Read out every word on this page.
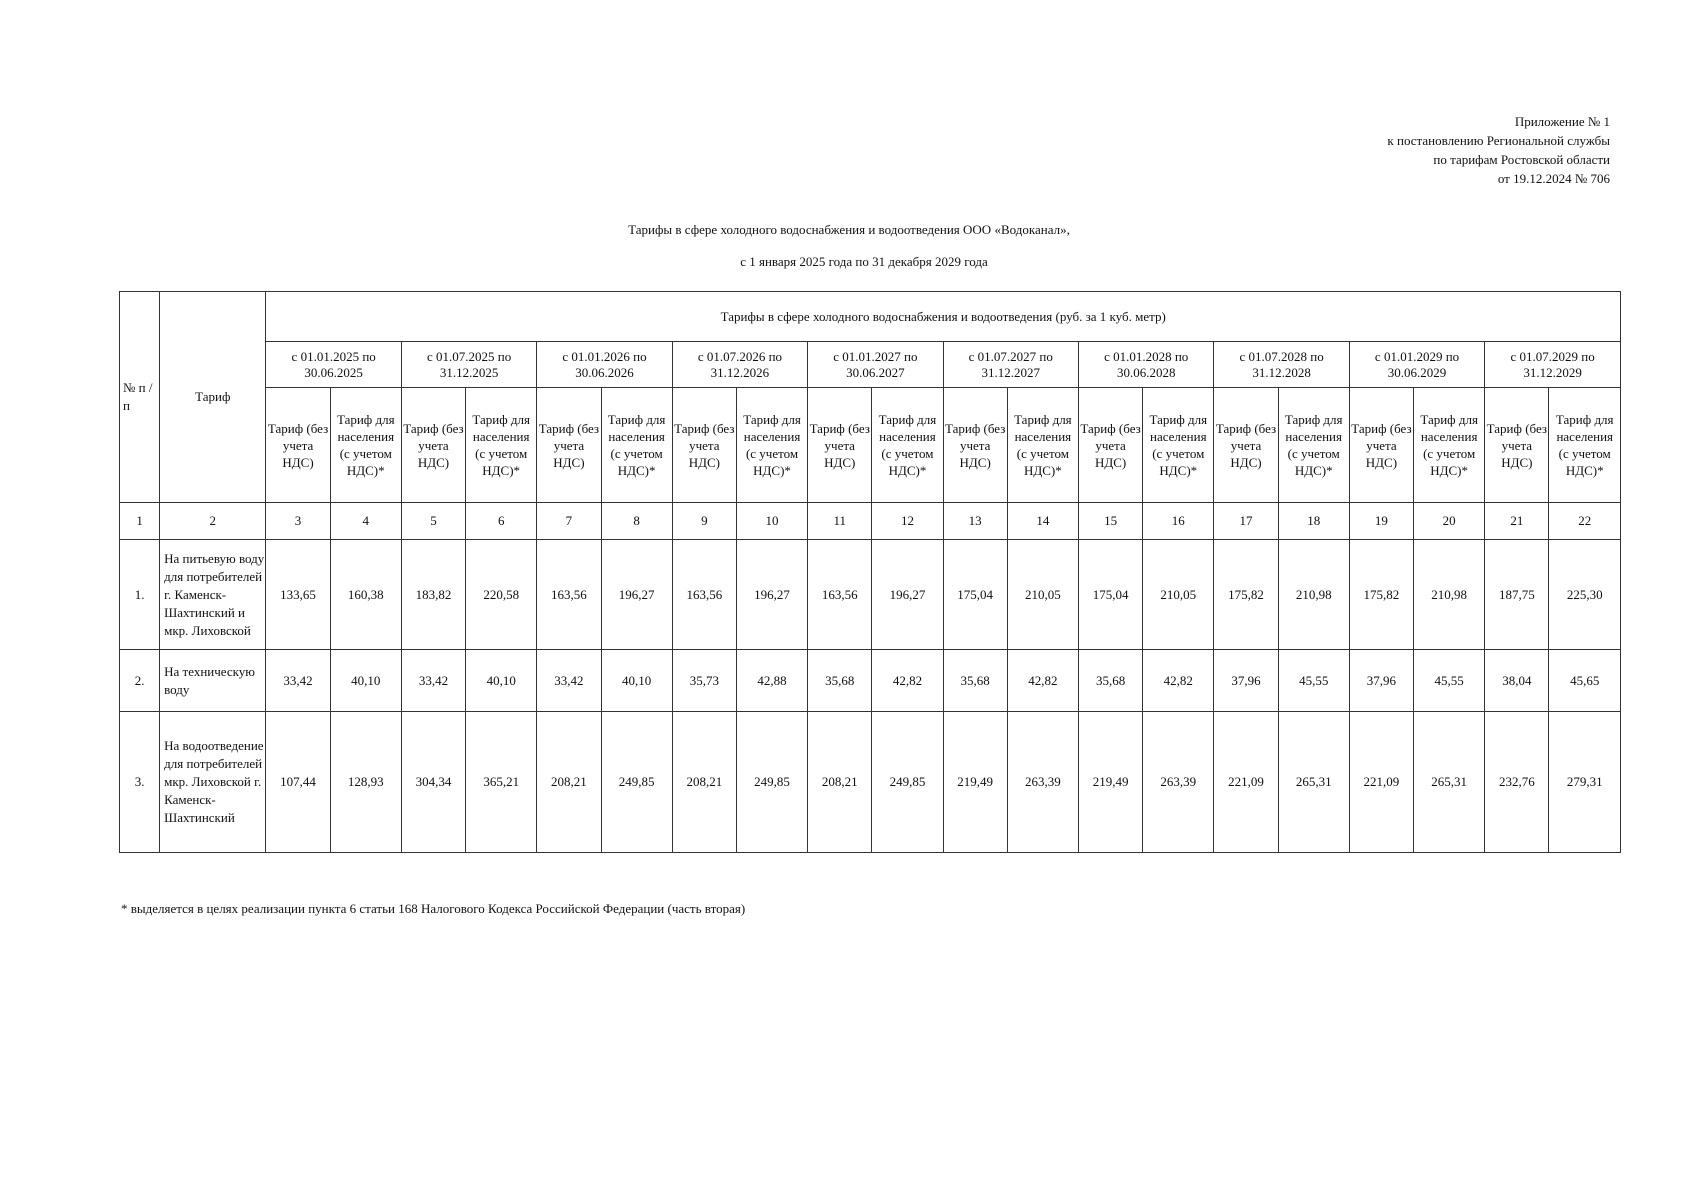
Приложение № 1
к постановлению Региональной службы
по тарифам Ростовской области
от 19.12.2024 № 706
Тарифы в сфере холодного водоснабжения и водоотведения ООО «Водоканал»,
с 1 января 2025 года по 31 декабря 2029 года
№ п /п	Тариф	Тарифы в сфере холодного водоснабжения и водоотведения (руб. за 1 куб. метр)																			
		с 01.01.2025 по 30.06.2025		с 01.07.2025 по 31.12.2025		с 01.01.2026 по 30.06.2026		с 01.07.2026 по 31.12.2026		с 01.01.2027 по 30.06.2027		с 01.07.2027 по 31.12.2027		с 01.01.2028 по 30.06.2028		с 01.07.2028 по 31.12.2028		с 01.01.2029 по 30.06.2029		с 01.07.2029 по 31.12.2029	
		Тариф (без учета НДС)	Тариф для населения (с учетом НДС)*	Тариф (без учета НДС)	Тариф для населения (с учетом НДС)*	Тариф (без учета НДС)	Тариф для населения (с учетом НДС)*	Тариф (без учета НДС)	Тариф для населения (с учетом НДС)*	Тариф (без учета НДС)	Тариф для населения (с учетом НДС)*	Тариф (без учета НДС)	Тариф для населения (с учетом НДС)*	Тариф (без учета НДС)	Тариф для населения (с учетом НДС)*	Тариф (без учета НДС)	Тариф для населения (с учетом НДС)*	Тариф (без учета НДС)	Тариф для населения (с учетом НДС)*	Тариф (без учета НДС)	Тариф для населения (с учетом НДС)*
1	2	3	4	5	6	7	8	9	10	11	12	13	14	15	16	17	18	19	20	21	22
1.	На питьевую воду для потребителей г. Каменск-Шахтинский и мкр. Лиховской	133,65	160,38	183,82	220,58	163,56	196,27	163,56	196,27	163,56	196,27	175,04	210,05	175,04	210,05	175,82	210,98	175,82	210,98	187,75	225,30
2.	На техническую воду	33,42	40,10	33,42	40,10	33,42	40,10	35,73	42,88	35,68	42,82	35,68	42,82	35,68	42,82	37,96	45,55	37,96	45,55	38,04	45,65
3.	На водоотведение для потребителей мкр. Лиховской г. Каменск-Шахтинский	107,44	128,93	304,34	365,21	208,21	249,85	208,21	249,85	208,21	249,85	219,49	263,39	219,49	263,39	221,09	265,31	221,09	265,31	232,76	279,31
* выделяется в целях реализации пункта 6 статьи 168 Налогового Кодекса Российской Федерации (часть вторая)
